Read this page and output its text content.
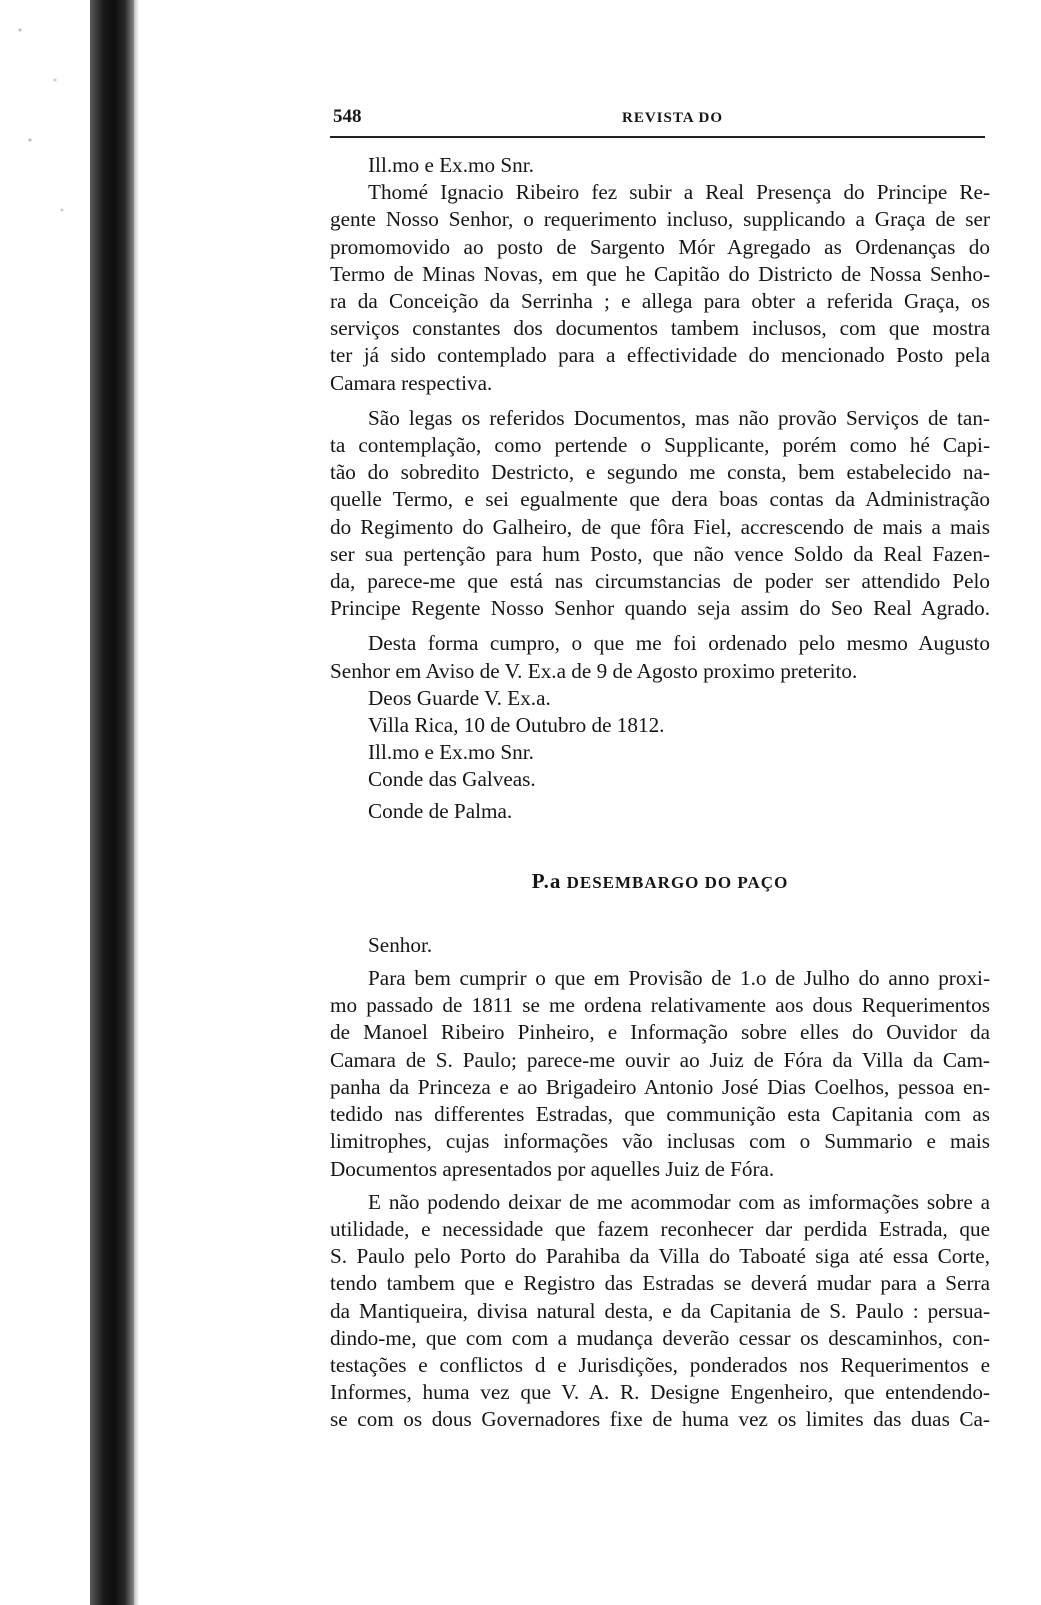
548	REVISTA DO
Ill.mo e Ex.mo Snr.
Thomé Ignacio Ribeiro fez subir a Real Presença do Principe Re-
gente Nosso Senhor, o requerimento incluso, supplicando a Graça de ser
promomovido ao posto de Sargento Mór Agregado as Ordenanças do
Termo de Minas Novas, em que he Capitão do Districto de Nossa Senho-
ra da Conceição da Serrinha ; e allega para obter a referida Graça, os
serviços constantes dos documentos tambem inclusos, com que mostra
ter já sido contemplado para a effectividade do mencionado Posto pela
Camara respectiva.
São legas os referidos Documentos, mas não provão Serviços de tan-
ta contemplação, como pertende o Supplicante, porém como hé Capi-
tão do sobredito Destricto, e segundo me consta, bem estabelecido na-
quelle Termo, e sei egualmente que dera boas contas da Administração
do Regimento do Galheiro, de que fôra Fiel, accrescendo de mais a mais
ser sua pertenção para hum Posto, que não vence Soldo da Real Fazen-
da, parece-me que está nas circumstancias de poder ser attendido Pelo
Principe Regente Nosso Senhor quando seja assim do Seo Real Agrado.
Desta forma cumpro, o que me foi ordenado pelo mesmo Augusto
Senhor em Aviso de V. Ex.a de 9 de Agosto proximo preterito.
Deos Guarde V. Ex.a.
Villa Rica, 10 de Outubro de 1812.
Ill.mo e Ex.mo Snr.
Conde das Galveas.
Conde de Palma.
P.a DESEMBARGO DO PAÇO
Senhor.
Para bem cumprir o que em Provisão de 1.o de Julho do anno proxi-
mo passado de 1811 se me ordena relativamente aos dous Requerimentos
de Manoel Ribeiro Pinheiro, e Informação sobre elles do Ouvidor da
Camara de S. Paulo; parece-me ouvir ao Juiz de Fóra da Villa da Cam-
panha da Princeza e ao Brigadeiro Antonio José Dias Coelhos, pessoa en-
tedido nas differentes Estradas, que communição esta Capitania com as
limitrophes, cujas informações vão inclusas com o Summario e mais
Documentos apresentados por aquelles Juiz de Fóra.
E não podendo deixar de me acommodar com as imformações sobre a
utilidade, e necessidade que fazem reconhecer dar perdida Estrada, que
S. Paulo pelo Porto do Parahiba da Villa do Taboaté siga até essa Corte,
tendo tambem que e Registro das Estradas se deverá mudar para a Serra
da Mantiqueira, divisa natural desta, e da Capitania de S. Paulo : persua-
dindo-me, que com com a mudança deverão cessar os descaminhos, con-
testações e conflictos d e Jurisdições, ponderados nos Requerimentos e
Informes, huma vez que V. A. R. Designe Engenheiro, que entendendo-
se com os dous Governadores fixe de huma vez os limites das duas Ca-
